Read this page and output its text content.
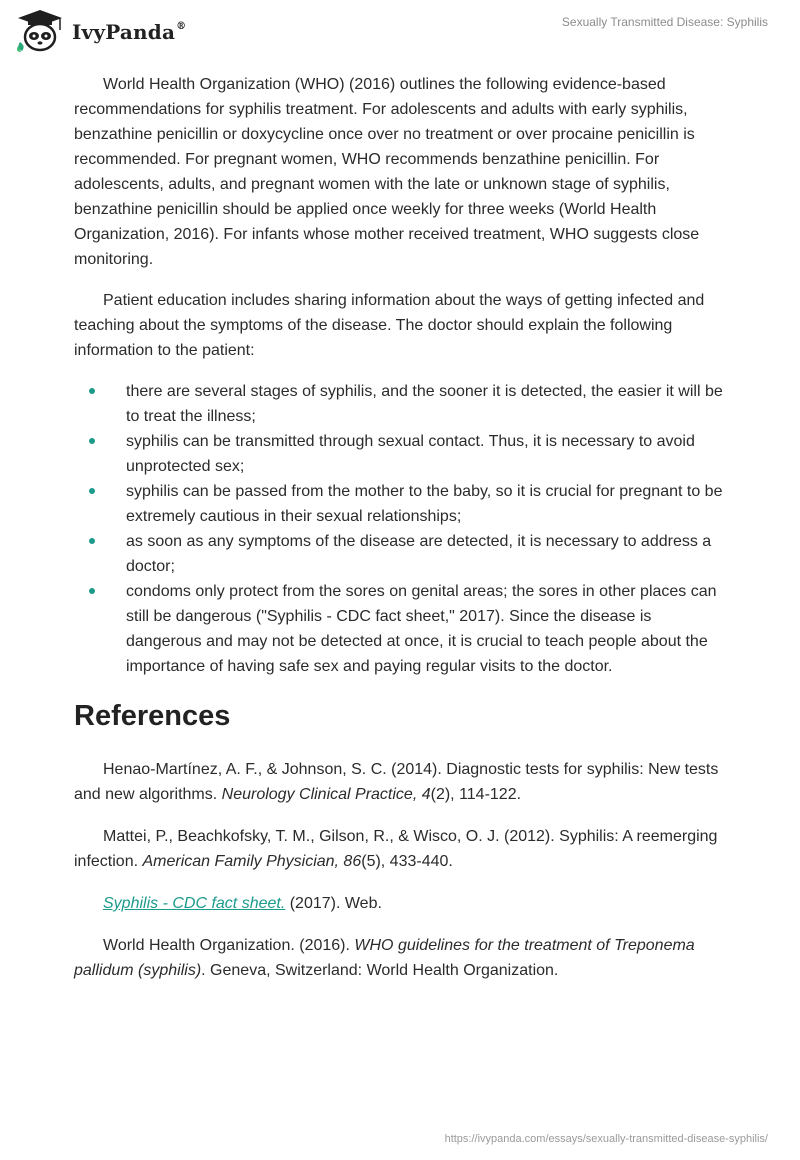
IvyPanda®	Sexually Transmitted Disease: Syphilis

World Health Organization (WHO) (2016) outlines the following evidence-based recommendations for syphilis treatment. For adolescents and adults with early syphilis, benzathine penicillin or doxycycline once over no treatment or over procaine penicillin is recommended. For pregnant women, WHO recommends benzathine penicillin. For adolescents, adults, and pregnant women with the late or unknown stage of syphilis, benzathine penicillin should be applied once weekly for three weeks (World Health Organization, 2016). For infants whose mother received treatment, WHO suggests close monitoring.

Patient education includes sharing information about the ways of getting infected and teaching about the symptoms of the disease. The doctor should explain the following information to the patient:

there are several stages of syphilis, and the sooner it is detected, the easier it will be to treat the illness;
syphilis can be transmitted through sexual contact. Thus, it is necessary to avoid unprotected sex;
syphilis can be passed from the mother to the baby, so it is crucial for pregnant to be extremely cautious in their sexual relationships;
as soon as any symptoms of the disease are detected, it is necessary to address a doctor;
condoms only protect from the sores on genital areas; the sores in other places can still be dangerous ("Syphilis - CDC fact sheet," 2017). Since the disease is dangerous and may not be detected at once, it is crucial to teach people about the importance of having safe sex and paying regular visits to the doctor.
References

Henao-Martínez, A. F., & Johnson, S. C. (2014). Diagnostic tests for syphilis: New tests and new algorithms. Neurology Clinical Practice, 4(2), 114-122.

Mattei, P., Beachkofsky, T. M., Gilson, R., & Wisco, O. J. (2012). Syphilis: A reemerging infection. American Family Physician, 86(5), 433-440.

Syphilis - CDC fact sheet. (2017). Web.

World Health Organization. (2016). WHO guidelines for the treatment of Treponema pallidum (syphilis). Geneva, Switzerland: World Health Organization.

https://ivypanda.com/essays/sexually-transmitted-disease-syphilis/
